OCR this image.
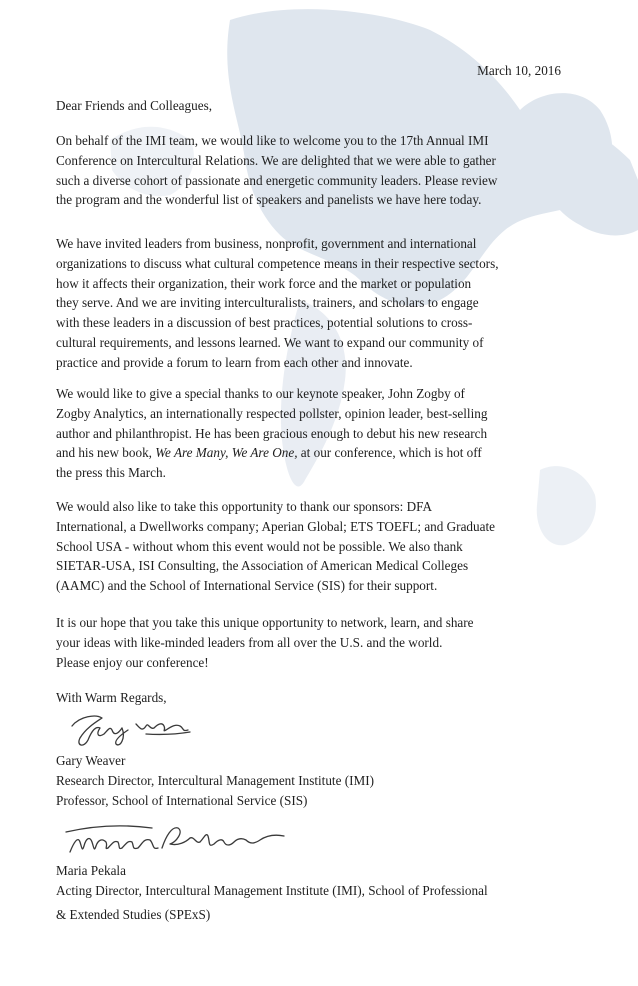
March 10, 2016
Dear Friends and Colleagues,
On behalf of the IMI team, we would like to welcome you to the 17th Annual IMI
Conference on Intercultural Relations. We are delighted that we were able to gather
such a diverse cohort of passionate and energetic community leaders. Please review
the program and the wonderful list of speakers and panelists we have here today.
We have invited leaders from business, nonprofit, government and international
organizations to discuss what cultural competence means in their respective sectors,
how it affects their organization, their work force and the market or population
they serve. And we are inviting interculturalists, trainers, and scholars to engage
with these leaders in a discussion of best practices, potential solutions to cross-
cultural requirements, and lessons learned. We want to expand our community of
practice and provide a forum to learn from each other and innovate.
We would like to give a special thanks to our keynote speaker, John Zogby of
Zogby Analytics, an internationally respected pollster, opinion leader, best-selling
author and philanthropist. He has been gracious enough to debut his new research
and his new book, We Are Many, We Are One, at our conference, which is hot off
the press this March.
We would also like to take this opportunity to thank our sponsors: DFA
International, a Dwellworks company; Aperian Global; ETS TOEFL; and Graduate
School USA - without whom this event would not be possible. We also thank
SIETAR-USA, ISI Consulting, the Association of American Medical Colleges
(AAMC) and the School of International Service (SIS) for their support.
It is our hope that you take this unique opportunity to network, learn, and share
your ideas with like-minded leaders from all over the U.S. and the world.
Please enjoy our conference!
With Warm Regards,
Gary Weaver
Research Director, Intercultural Management Institute (IMI)
Professor, School of International Service (SIS)
Maria Pekala
Acting Director, Intercultural Management Institute (IMI), School of Professional
& Extended Studies (SPExS)
